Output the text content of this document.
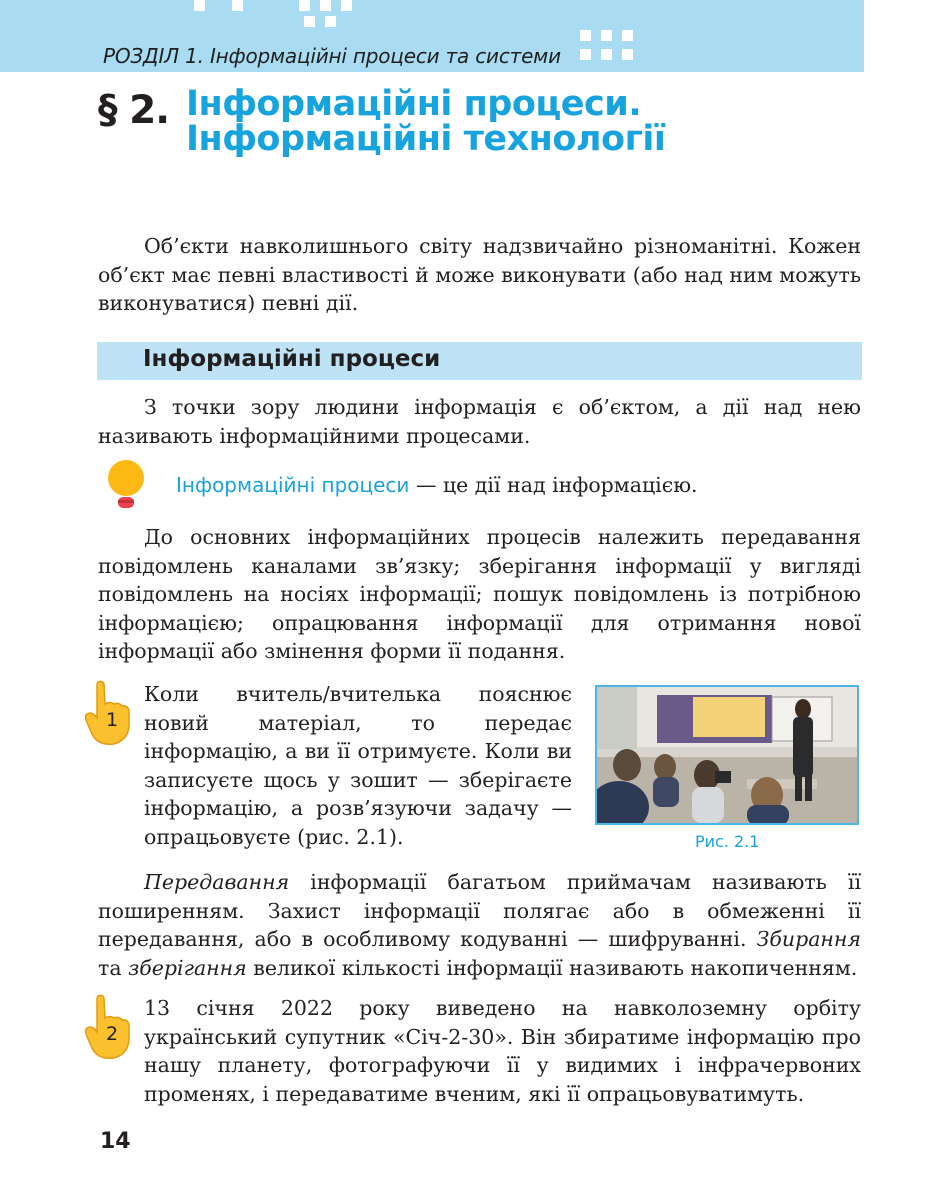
РОЗДІЛ 1. Інформаційні процеси та системи
§ 2. Інформаційні процеси. Інформаційні технології
Об’єкти навколишнього світу надзвичайно різноманітні. Кожен об’єкт має певні властивості й може виконувати (або над ним можуть виконуватися) певні дії.
Інформаційні процеси
З точки зору людини інформація є об’єктом, а дії над нею називають інформаційними процесами.
Інформаційні процеси — це дії над інформацією.
До основних інформаційних процесів належить передавання повідомлень каналами зв’язку; зберігання інформації у вигляді повідомлень на носіях інформації; пошук повідомлень із потрібною інформацією; опрацювання інформації для отримання нової інформації або змінення форми її подання.
1
Коли вчитель/вчителька пояснює новий матеріал, то передає інформацію, а ви її отримуєте. Коли ви записуєте щось у зошит — зберігаєте інформацію, а розв’язуючи задачу — опрацьовуєте (рис. 2.1).	Рис. 2.1
Передавання інформації багатьом приймачам називають її поширенням. Захист інформації полягає або в обмеженні її передавання, або в особливому кодуванні — шифруванні. Збирання та зберігання великої кількості інформації називають накопиченням.
2
13 січня 2022 року виведено на навколоземну орбіту український супутник «Січ-2-30». Він збиратиме інформацію про нашу планету, фотографуючи її у видимих і інфрачервоних променях, і передаватиме вченим, які її опрацьовуватимуть.
14
